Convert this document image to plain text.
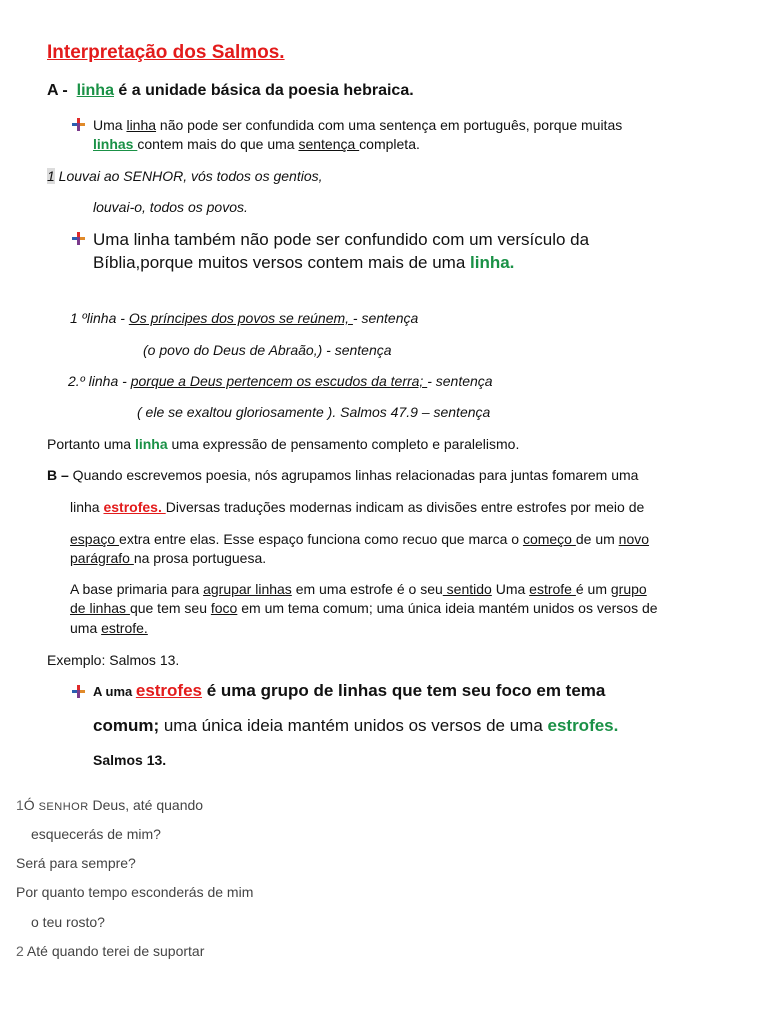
Interpretação dos Salmos.
A - linha é a unidade básica da poesia hebraica.
Uma linha não pode ser confundida com uma sentença em português, porque muitas
linhas contem mais do que uma sentença completa.
1 Louvai ao SENHOR, vós todos os gentios,
louvai-o, todos os povos.
Uma linha também não pode ser confundido com um versículo da
Bíblia,porque muitos versos contem mais de uma linha.
1 ºlinha - Os príncipes dos povos se reúnem, - sentença
(o povo do Deus de Abraão,) - sentença
2.º linha - porque a Deus pertencem os escudos da terra; - sentença
( ele se exaltou gloriosamente ). Salmos 47.9 – sentença
Portanto uma linha uma expressão de pensamento completo e paralelismo.
B – Quando escrevemos poesia, nós agrupamos linhas relacionadas para juntas fomarem uma
linha estrofes. Diversas traduções modernas indicam as divisões entre estrofes por meio de
espaço extra entre elas. Esse espaço funciona como recuo que marca o começo de um novo
parágrafo na prosa portuguesa.
A base primaria para agrupar linhas em uma estrofe é o seu sentido Uma estrofe é um grupo
de linhas que tem seu foco em um tema comum; uma única ideia mantém unidos os versos de
uma estrofe.
Exemplo: Salmos 13.
A uma estrofes é uma grupo de linhas que tem seu foco em tema
comum; uma única ideia mantém unidos os versos de uma estrofes.
Salmos 13.
1Ó SENHOR Deus, até quando
esquecerás de mim?
Será para sempre?
Por quanto tempo esconderás de mim
o teu rosto?
2 Até quando terei de suportar
